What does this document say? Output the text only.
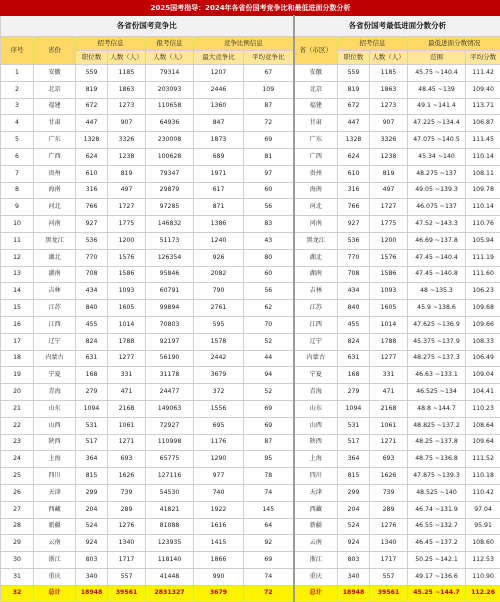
2025国考指导：2024年各省份国考竞争比和最低进面分数分析											
各省份国考竞争比							各省份国考最低进面分数分析				
序号	省份	招考信息		报考信息	竞争比例信息		省（市区）	招考信息		最低进面分数情况	
		职位数	人数（人）	人数（人）	最大竞争比	平均竞争比		职位数	人数（人）	范围	平均分数
1	安徽	559	1185	79314	1207	67	安徽	559	1185	45.75 ~140.4	111.42
2	北京	819	1863	203093	2446	109	北京	819	1863	48.45 ~139	109.40
3	福建	672	1273	110658	1360	87	福建	672	1273	49.1 ~141.4	113.71
4	甘肃	447	907	64936	847	72	甘肃	447	907	47.225 ~134.4	106.87
5	广东	1328	3326	230008	1873	69	广东	1328	3326	47.075 ~140.5	111.45
6	广西	624	1238	100628	689	81	广西	624	1238	45.34 ~140	110.14
7	贵州	610	819	79347	1971	97	贵州	610	819	48.275 ~137	108.11
8	海南	316	497	29879	617	60	海南	316	497	49.05 ~139.3	109.78
9	河北	766	1727	97285	871	56	河北	766	1727	46.075 ~137	110.14
10	河南	927	1775	146832	1386	83	河南	927	1775	47.52 ~143.3	110.76
11	黑龙江	536	1200	51173	1240	43	黑龙江	536	1200	46.69 ~137.8	105.94
12	湖北	770	1576	126354	926	80	湖北	770	1576	47.45 ~140.4	111.19
13	湖南	708	1586	95846	2082	60	湖南	708	1586	47.45 ~140.8	111.60
14	吉林	434	1093	60791	790	56	吉林	434	1093	48 ~135.3	106.23
15	江苏	840	1605	99894	2761	62	江苏	840	1605	45.9 ~138.6	109.68
16	江西	455	1014	70803	595	70	江西	455	1014	47.625 ~136.9	109.66
17	辽宁	824	1788	92197	1578	52	辽宁	824	1788	45.375 ~137.9	108.33
18	内蒙古	631	1277	56190	2442	44	内蒙古	631	1277	48.275 ~137.3	106.49
19	宁夏	168	331	31178	3679	94	宁夏	168	331	46.63 ~133.1	109.04
20	青海	279	471	24477	372	52	青海	279	471	46.525 ~134	104.41
21	山东	1094	2168	149063	1556	69	山东	1094	2168	48.8 ~144.7	110.23
22	山西	531	1061	72927	695	69	山西	531	1061	48.825 ~137.2	108.64
23	陕西	517	1271	110998	1176	87	陕西	517	1271	48.25 ~137.8	109.64
24	上海	364	693	65775	1290	95	上海	364	693	48.75 ~136.8	111.52
25	四川	815	1626	127116	977	78	四川	815	1626	47.875 ~139.3	110.18
26	天津	299	739	54530	740	74	天津	299	739	48.525 ~140	110.42
27	西藏	204	289	41821	1922	145	西藏	204	289	46.74 ~131.9	97.04
28	新疆	524	1276	81088	1616	64	新疆	524	1276	46.55 ~132.7	95.91
29	云南	924	1340	123935	1415	92	云南	924	1340	46.45 ~137.2	108.60
30	浙江	803	1717	118140	1866	69	浙江	803	1717	50.25 ~142.1	112.53
31	重庆	340	557	41448	990	74	重庆	340	557	49.17 ~136.6	110.90
32	总计	18948	39561	2831327	3679	72	总计	18948	39561	45.25 ~144.7	112.26
